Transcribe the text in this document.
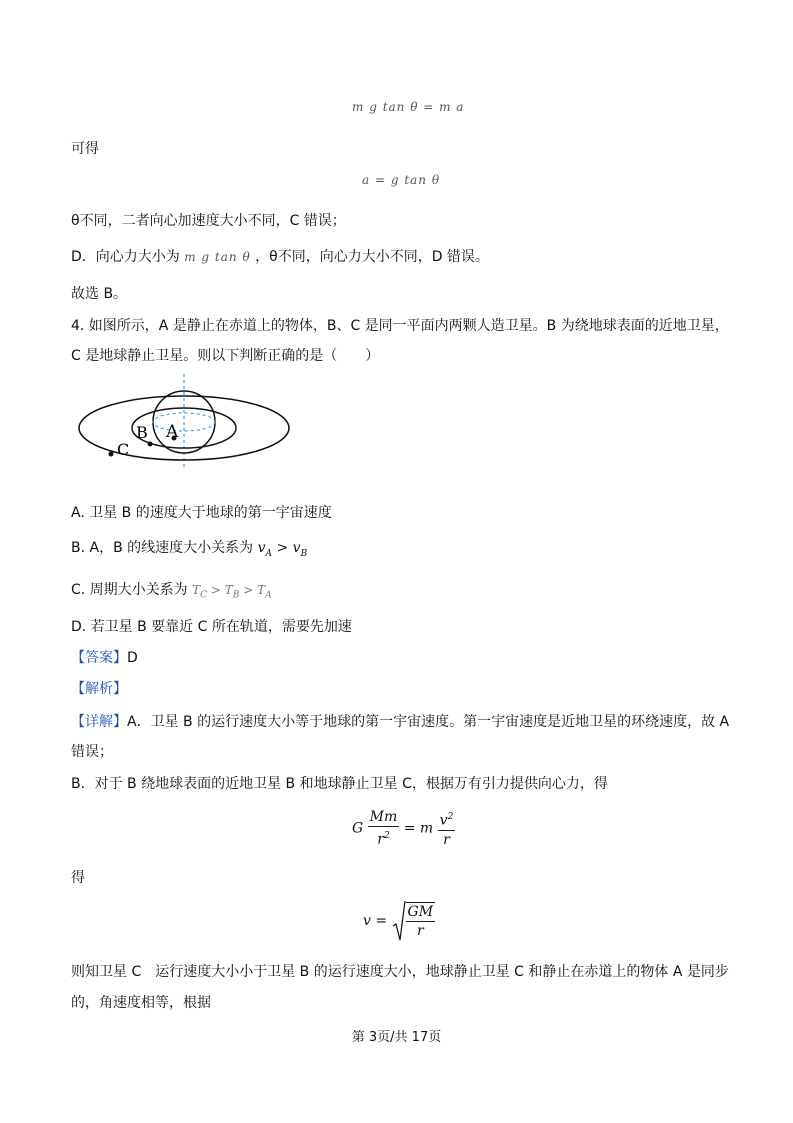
m g tan θ = m a
可得
a = g tan θ
θ不同，二者向心加速度大小不同，C 错误；
D．向心力大小为 m g tan θ ，θ不同，向心力大小不同，D 错误。
故选 B。
4. 如图所示，A 是静止在赤道上的物体，B、C 是同一平面内两颗人造卫星。B 为绕地球表面的近地卫星，
C 是地球静止卫星。则以下判断正确的是（　　）
A
B
C
A. 卫星 B 的速度大于地球的第一宇宙速度
B. A，B 的线速度大小关系为 $v_A > v_B$
C. 周期大小关系为 $T_C > T_B > T_A$
D. 若卫星 B 要靠近 C 所在轨道，需要先加速
【答案】D
【解析】
【详解】A．卫星 B 的运行速度大小等于地球的第一宇宙速度。第一宇宙速度是近地卫星的环绕速度，故 A
错误；
B．对于 B 绕地球表面的近地卫星 B 和地球静止卫星 C，根据万有引力提供向心力，得
G $\frac{Mm}{r^2} = m \frac{v^2}{r}$
得
$v = \frac{GM}{r}$
则知卫星 C　运行速度大小小于卫星 B 的运行速度大小，地球静止卫星 C 和静止在赤道上的物体 A 是同步
的，角速度相等，根据
第 3页/共 17页
